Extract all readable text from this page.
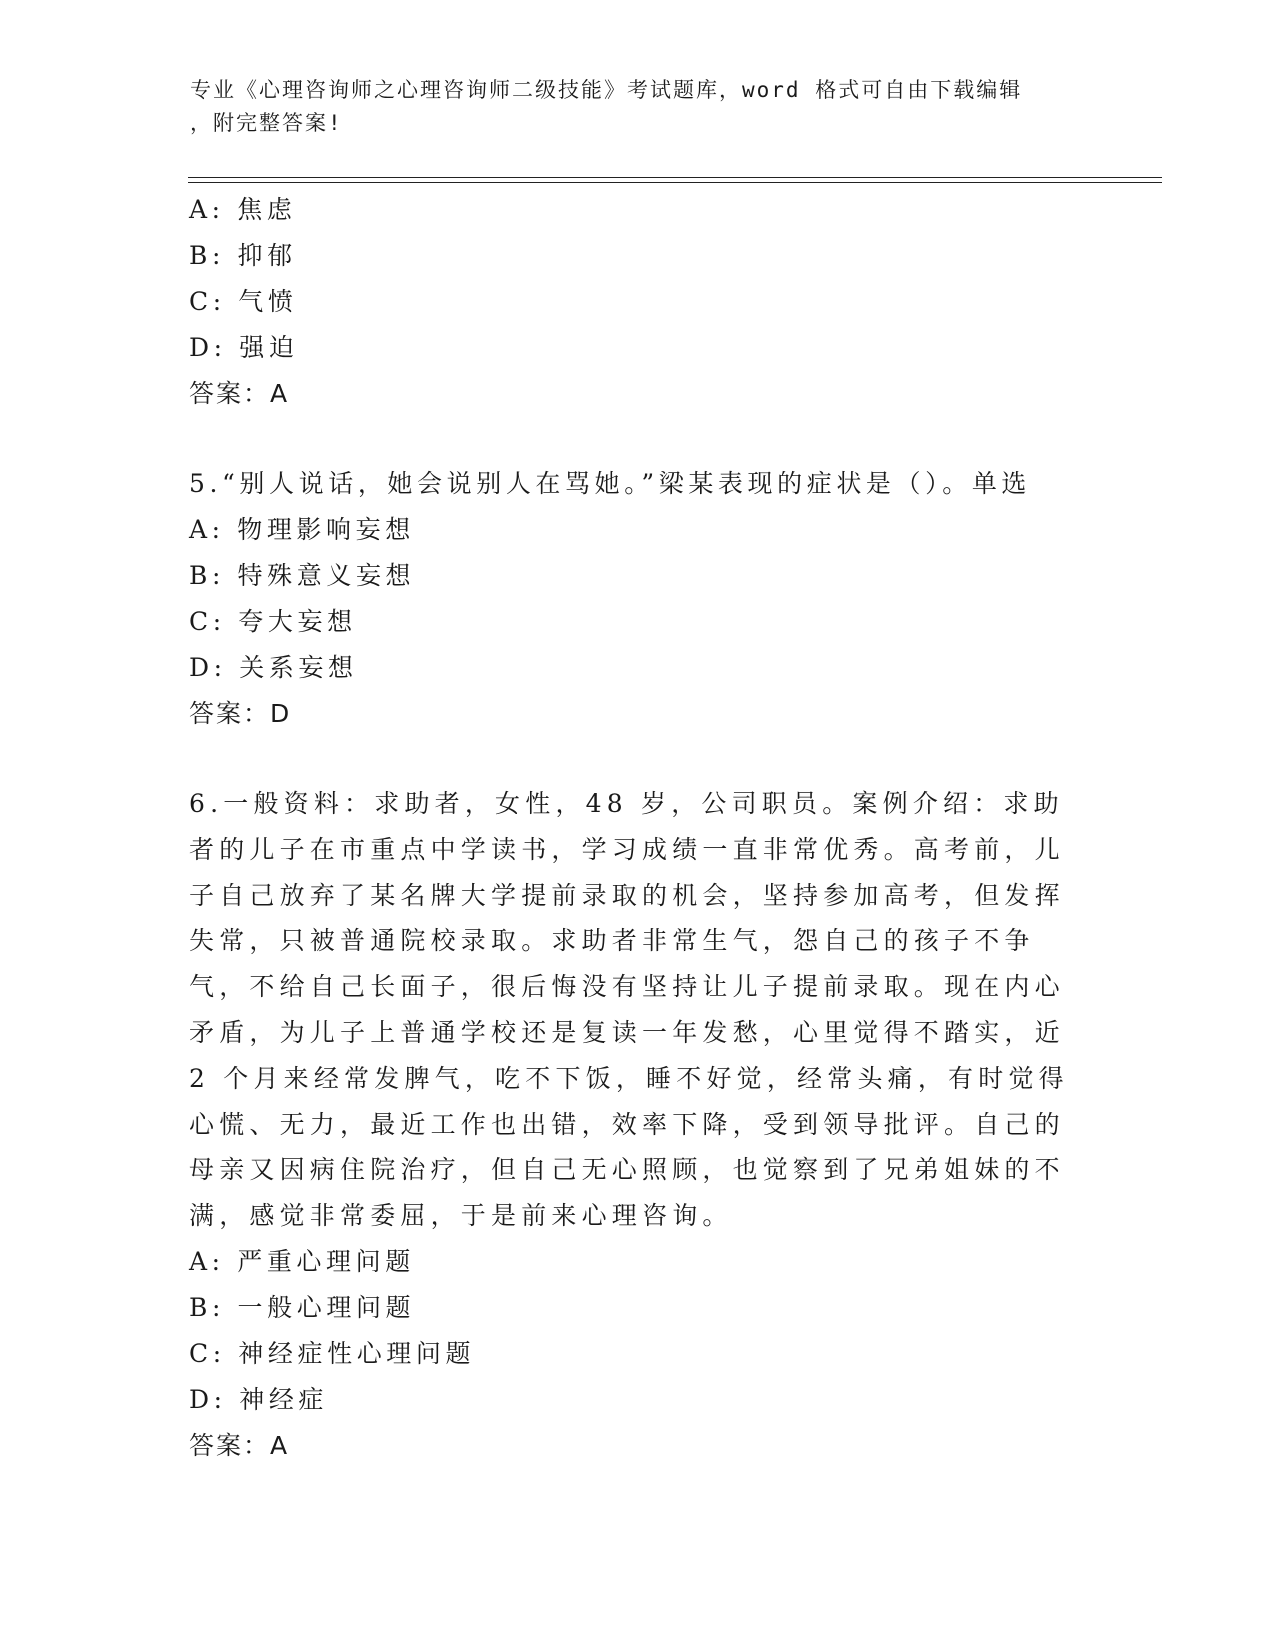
专业《心理咨询师之心理咨询师二级技能》考试题库，word 格式可自由下载编辑
，附完整答案!
A: 焦虑
B: 抑郁
C: 气愤
D: 强迫
答案：A
5.“别人说话，她会说别人在骂她。”梁某表现的症状是（）。单选
A: 物理影响妄想
B: 特殊意义妄想
C: 夸大妄想
D: 关系妄想
答案：D
6.一般资料：求助者，女性，48 岁，公司职员。案例介绍：求助者的儿子在市重点中学读书，学习成绩一直非常优秀。高考前，儿子自己放弃了某名牌大学提前录取的机会，坚持参加高考，但发挥失常，只被普通院校录取。求助者非常生气，怨自己的孩子不争气，不给自己长面子，很后悔没有坚持让儿子提前录取。现在内心矛盾，为儿子上普通学校还是复读一年发愁，心里觉得不踏实，近 2 个月来经常发脾气，吃不下饭，睡不好觉，经常头痛，有时觉得心慌、无力，最近工作也出错，效率下降，受到领导批评。自己的母亲又因病住院治疗，但自己无心照顾，也觉察到了兄弟姐妹的不满，感觉非常委屈，于是前来心理咨询。
A: 严重心理问题
B: 一般心理问题
C: 神经症性心理问题
D: 神经症
答案：A
